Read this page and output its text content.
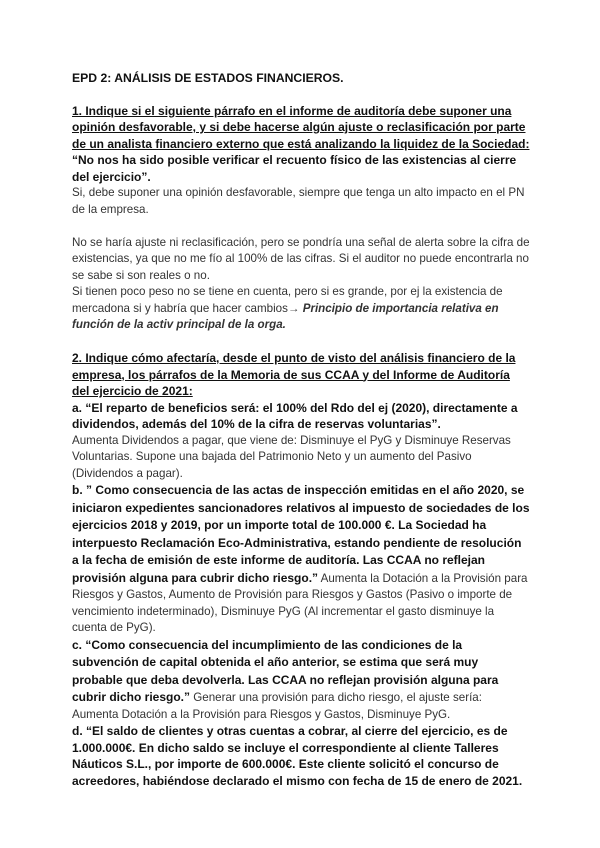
EPD 2: ANÁLISIS DE ESTADOS FINANCIEROS.

1. Indique si el siguiente párrafo en el informe de auditoría debe suponer una opinión desfavorable, y si debe hacerse algún ajuste o reclasificación por parte de un analista financiero externo que está analizando la liquidez de la Sociedad:

“No nos ha sido posible verificar el recuento físico de las existencias al cierre del ejercicio”.

Si, debe suponer una opinión desfavorable, siempre que tenga un alto impacto en el PN de la empresa.

No se haría ajuste ni reclasificación, pero se pondría una señal de alerta sobre la cifra de existencias, ya que no me fío al 100% de las cifras. Si el auditor no puede encontrarla no se sabe si son reales o no.

Si tienen poco peso no se tiene en cuenta, pero si es grande, por ej la existencia de mercadona si y habría que hacer cambios→ Principio de importancia relativa en función de la activ principal de la orga.

2. Indique cómo afectaría, desde el punto de visto del análisis financiero de la empresa, los párrafos de la Memoria de sus CCAA y del Informe de Auditoría del ejercicio de 2021:

a. “El reparto de beneficios será: el 100% del Rdo del ej (2020), directamente a dividendos, además del 10% de la cifra de reservas voluntarias”.

Aumenta Dividendos a pagar, que viene de: Disminuye el PyG y Disminuye Reservas Voluntarias. Supone una bajada del Patrimonio Neto y un aumento del Pasivo (Dividendos a pagar).

b. ” Como consecuencia de las actas de inspección emitidas en el año 2020, se iniciaron expedientes sancionadores relativos al impuesto de sociedades de los ejercicios 2018 y 2019, por un importe total de 100.000 €. La Sociedad ha interpuesto Reclamación Eco-Administrativa, estando pendiente de resolución a la fecha de emisión de este informe de auditoría. Las CCAA no reflejan provisión alguna para cubrir dicho riesgo.” Aumenta la Dotación a la Provisión para Riesgos y Gastos, Aumento de Provisión para Riesgos y Gastos (Pasivo o importe de vencimiento indeterminado), Disminuye PyG (Al incrementar el gasto disminuye la cuenta de PyG).

c. “Como consecuencia del incumplimiento de las condiciones de la subvención de capital obtenida el año anterior, se estima que será muy probable que deba devolverla. Las CCAA no reflejan provisión alguna para cubrir dicho riesgo.” Generar una provisión para dicho riesgo, el ajuste sería: Aumenta Dotación a la Provisión para Riesgos y Gastos, Disminuye PyG.

d. “El saldo de clientes y otras cuentas a cobrar, al cierre del ejercicio, es de 1.000.000€. En dicho saldo se incluye el correspondiente al cliente Talleres Náuticos S.L., por importe de 600.000€. Este cliente solicitó el concurso de acreedores, habiéndose declarado el mismo con fecha de 15 de enero de 2021.
